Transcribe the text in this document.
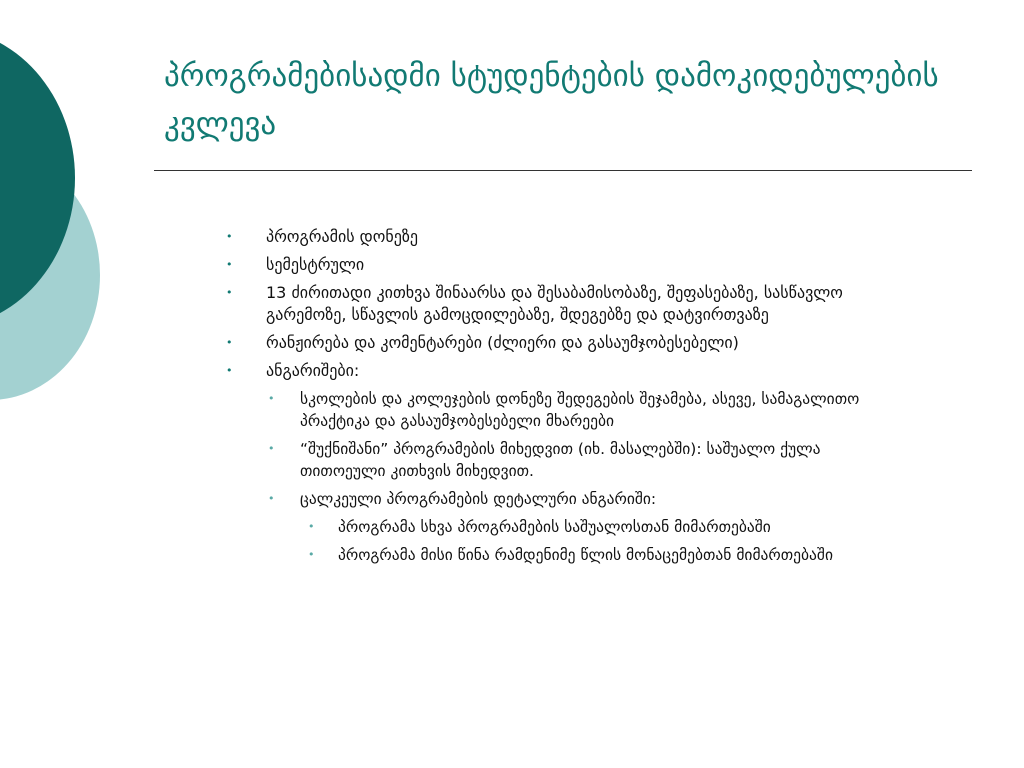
პროგრამებისადმი სტუდენტების დამოკიდებულების კვლევა
• პროგრამის დონეზე
• სემესტრული
• 13 ძირითადი კითხვა შინაარსა და შესაბამისობაზე, შეფასებაზე, სასწავლო გარემოზე, სწავლის გამოცდილებაზე, შდეგებზე და დატვირთვაზე
• რანჟირება და კომენტარები (ძლიერი და გასაუმჯობესებელი)
• ანგარიშები:
• სკოლების და კოლეჯების დონეზე შედეგების შეჯამება, ასევე, სამაგალითო პრაქტიკა და გასაუმჯობესებელი მხარეები
• “შუქნიშანი” პროგრამების მიხედვით (იხ. მასალებში): საშუალო ქულა თითოეული კითხვის მიხედვით.
• ცალკეული პროგრამების დეტალური ანგარიში:
• პროგრამა სხვა პროგრამების საშუალოსთან მიმართებაში
• პროგრამა მისი წინა რამდენიმე წლის მონაცემებთან მიმართებაში
